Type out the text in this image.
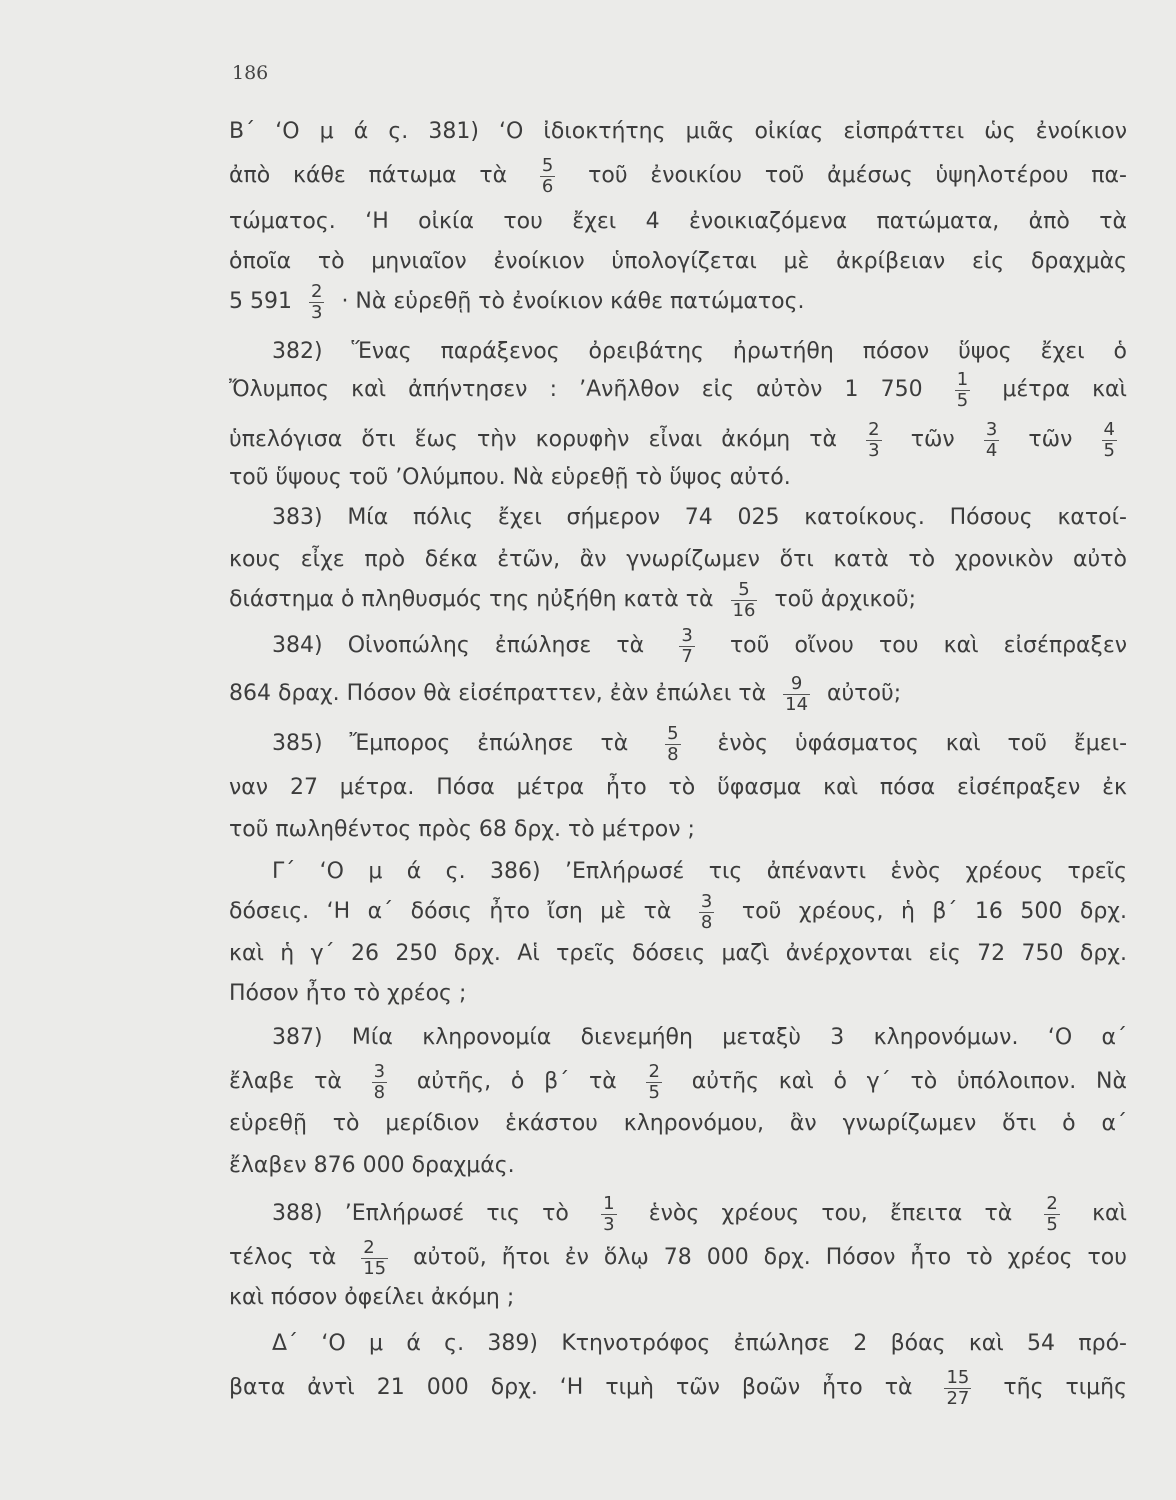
186
Β΄ ‘Ο μ ά ς. 381) ‘Ο ἰδιοκτήτης μιᾶς οἰκίας εἰσπράττει ὡς ἐνοίκιον
ἀπὸ κάθε πάτωμα τὰ $\frac{5}{6}$ τοῦ ἐνοικίου τοῦ ἀμέσως ὑψηλοτέρου πα-
τώματος. ‘Η οἰκία του ἔχει 4 ἐνοικιαζόμενα πατώματα, ἀπὸ τὰ
ὁποῖα τὸ μηνιαῖον ἐνοίκιον ὑπολογίζεται μὲ ἀκρίβειαν εἰς δραχμὰς
5 $591 \frac{2}{3}$ · Νὰ εὑρεθῇ τὸ ἐνοίκιον κάθε πατώματος.
382) Ἕνας παράξενος ὀρειβάτης ἠρωτήθη πόσον ὕψος ἔχει ὁ
Ὄλυμπος καὶ ἀπήντησεν : ’Ανῆλθον εἰς αὐτὸν 1 $750 \frac{1}{5}$ μέτρα καὶ
ὑπελόγισα ὅτι ἕως τὴν κορυφὴν εἶναι ἀκόμη τὰ $\frac{2}{3}$ τῶν $\frac{3}{4}$ τῶν $\frac{4}{5}$
τοῦ ὕψους τοῦ ’Ολύμπου. Νὰ εὑρεθῇ τὸ ὕψος αὐτό.
383) Μία πόλις ἔχει σήμερον 74 025 κατοίκους. Πόσους κατοί-
κους εἶχε πρὸ δέκα ἐτῶν, ἂν γνωρίζωμεν ὅτι κατὰ τὸ χρονικὸν αὐτὸ
διάστημα ὁ πληθυσμός της ηὐξήθη κατὰ τὰ $\frac{5}{16}$ τοῦ ἀρχικοῦ;
384) Οἰνοπώλης ἐπώλησε τὰ $\frac{3}{7}$ τοῦ οἴνου του καὶ εἰσέπραξεν
864 δραχ. Πόσον θὰ εἰσέπραττεν, ἐὰν ἐπώλει τὰ $\frac{9}{14}$ αὐτοῦ;
385) Ἔμπορος ἐπώλησε τὰ $\frac{5}{8}$ ἑνὸς ὑφάσματος καὶ τοῦ ἔμει-
ναν 27 μέτρα. Πόσα μέτρα ἦτο τὸ ὕφασμα καὶ πόσα εἰσέπραξεν ἐκ
τοῦ πωληθέντος πρὸς 68 δρχ. τὸ μέτρον ;
Γ΄ ‘Ο μ ά ς. 386) ’Επλήρωσέ τις ἀπέναντι ἑνὸς χρέους τρεῖς
δόσεις. ‘Η α΄ δόσις ἦτο ἴση μὲ τὰ $\frac{3}{8}$ τοῦ χρέους, ἡ β΄ 16 500 δρχ.
καὶ ἡ γ΄ 26 250 δρχ. Αἱ τρεῖς δόσεις μαζὶ ἀνέρχονται εἰς 72 750 δρχ.
Πόσον ἦτο τὸ χρέος ;
387) Μία κληρονομία διενεμήθη μεταξὺ 3 κληρονόμων. ‘Ο α΄
ἔλαβε τὰ $\frac{3}{8}$ αὐτῆς, ὁ β΄ τὰ $\frac{2}{5}$ αὐτῆς καὶ ὁ γ΄ τὸ ὑπόλοιπον. Νὰ
εὑρεθῇ τὸ μερίδιον ἑκάστου κληρονόμου, ἂν γνωρίζωμεν ὅτι ὁ α΄
ἔλαβεν 876 000 δραχμάς.
388) ’Επλήρωσέ τις τὸ $\frac{1}{3}$ ἑνὸς χρέους του, ἔπειτα τὰ $\frac{2}{5}$ καὶ
τέλος τὰ $\frac{2}{15}$ αὐτοῦ, ἤτοι ἐν ὅλῳ 78 000 δρχ. Πόσον ἦτο τὸ χρέος του
καὶ πόσον ὀφείλει ἀκόμη ;
Δ΄ ‘Ο μ ά ς. 389) Κτηνοτρόφος ἐπώλησε 2 βόας καὶ 54 πρό-
βατα ἀντὶ 21 000 δρχ. ‘Η τιμὴ τῶν βοῶν ἦτο τὰ $\frac{15}{27}$ τῆς τιμῆς
